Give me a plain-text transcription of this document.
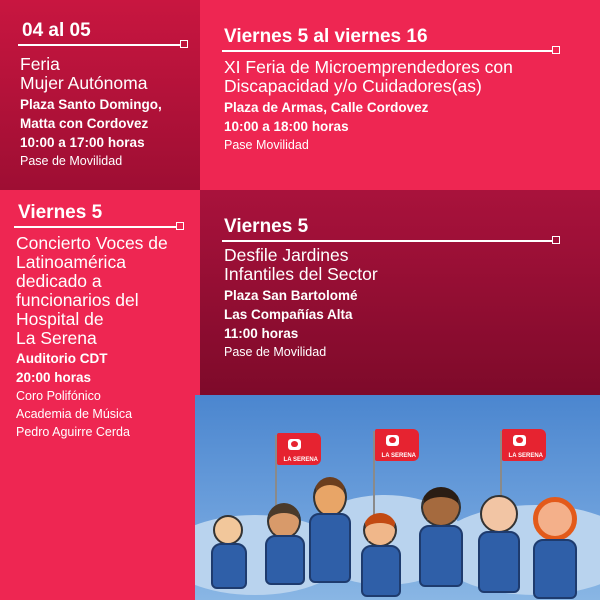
04 al 05
Feria
Mujer Autónoma
Plaza Santo Domingo,
Matta con Cordovez
10:00 a 17:00 horas
Pase de Movilidad
Viernes 5 al viernes 16
XI Feria de Microemprendedores con
Discapacidad y/o Cuidadores(as)
Plaza de Armas, Calle Cordovez
10:00 a 18:00 horas
Pase Movilidad
Viernes 5
Concierto Voces de
Latinoamérica
dedicado a
funcionarios del
Hospital de
La Serena
Auditorio CDT
20:00 horas
Coro Polifónico
Academia de Música
Pedro Aguirre Cerda
Viernes 5
Desfile Jardines
Infantiles del Sector
Plaza San Bartolomé
Las Compañías Alta
11:00 horas
Pase de Movilidad
LA SERENA
LA SERENA	LA SERENA
